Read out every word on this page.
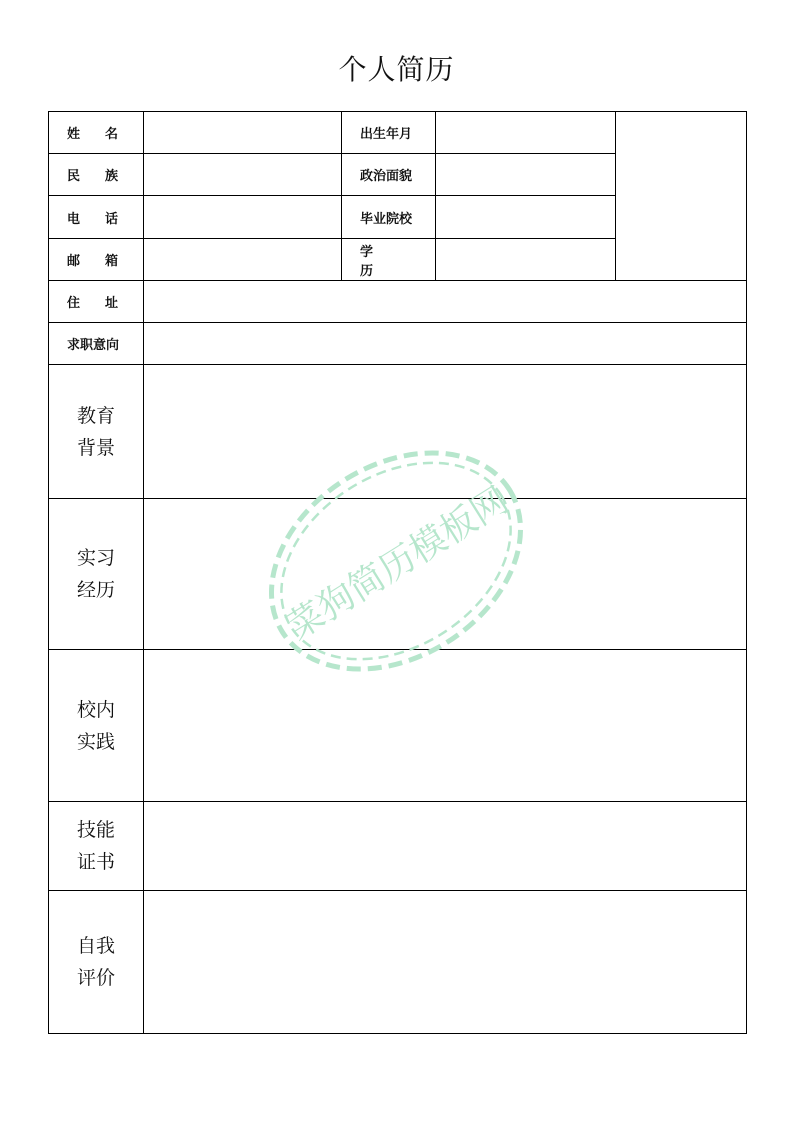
个人简历
姓名		出生年月		
民族		政治面貌		
电话		毕业院校		
邮箱		学历		
住址				
求职意向				

教育
背景				

实习
经历				

校内
实践				

技能
证书				

自我
评价				

菜狗简历模板网
